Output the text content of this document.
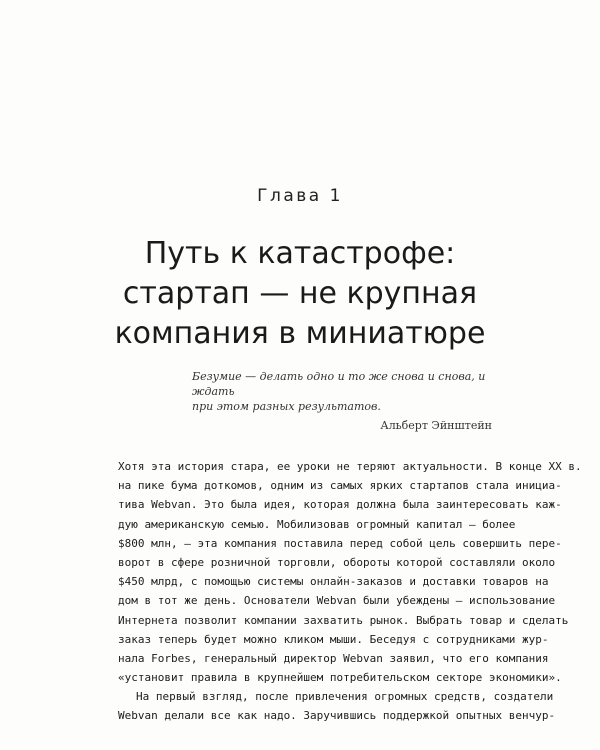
Глава 1
Путь к катастрофе:
стартап — не крупная
компания в миниатюре

Безумие — делать одно и то же снова и снова, и ждать
при этом разных результатов.

Альберт Эйнштейн
Хотя эта история стара, ее уроки не теряют актуальности. В конце XX в.
на пике бума доткомов, одним из самых ярких стартапов стала инициа-
тива Webvan. Это была идея, которая должна была заинтересовать каж-
дую американскую семью. Мобилизовав огромный капитал — более
$800 млн, — эта компания поставила перед собой цель совершить пере-
ворот в сфере розничной торговли, обороты которой составляли около
$450 млрд, с помощью системы онлайн-заказов и доставки товаров на
дом в тот же день. Основатели Webvan были убеждены — использование
Интернета позволит компании захватить рынок. Выбрать товар и сделать
заказ теперь будет можно кликом мыши. Беседуя с сотрудниками жур-
нала Forbes, генеральный директор Webvan заявил, что его компания
«установит правила в крупнейшем потребительском секторе экономики».
На первый взгляд, после привлечения огромных средств, создатели
Webvan делали все как надо. Заручившись поддержкой опытных венчур-
